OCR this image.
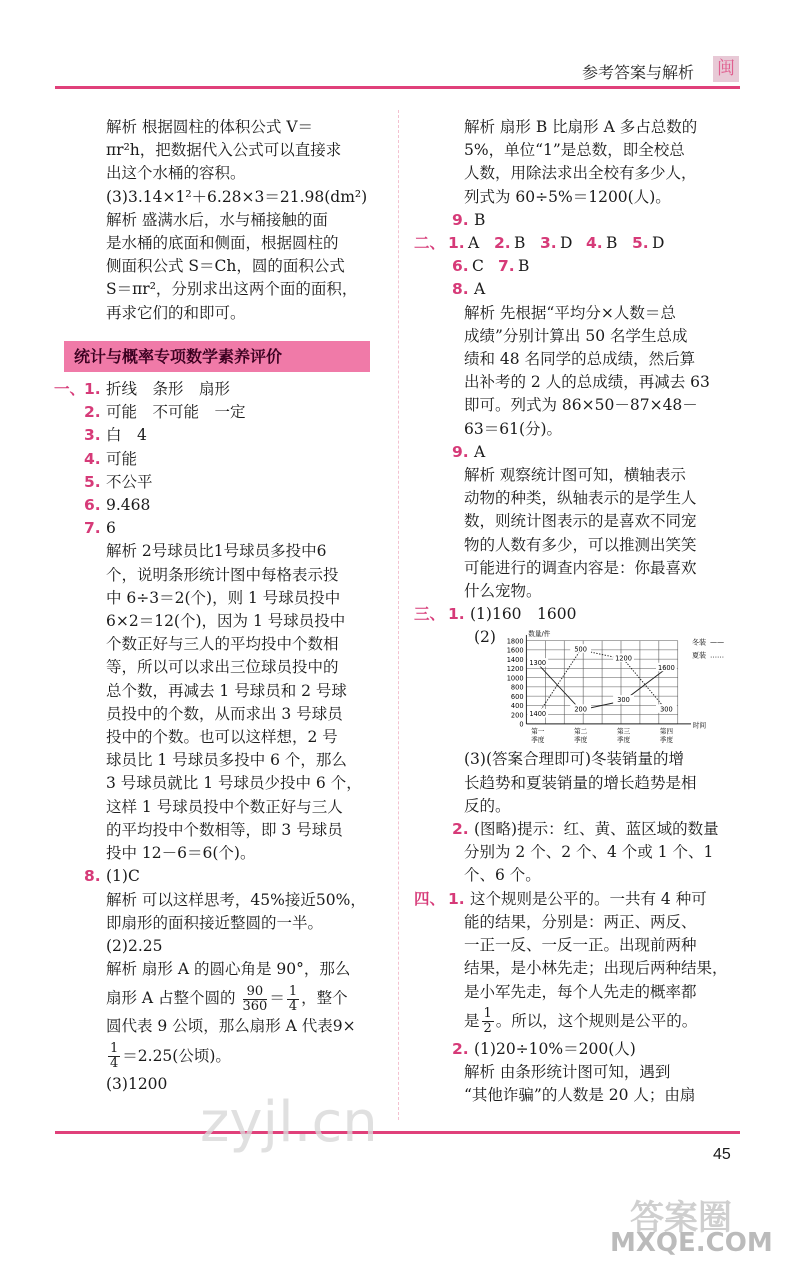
参考答案与解析 闽

解析 根据圆柱的体积公式 V＝

πr²h，把数据代入公式可以直接求

出这个水桶的容积。

(3)3.14×1²＋6.28×3＝21.98(dm²)

解析 盛满水后，水与桶接触的面

是水桶的底面和侧面，根据圆柱的

侧面积公式 S＝Ch，圆的面积公式

S＝πr²，分别求出这两个面的面积，

再求它们的和即可。

统计与概率专项数学素养评价
一、
1. 折线　条形　扇形
2. 可能　不可能　一定
3. 白　4
4. 可能
5. 不公平
6. 9.468
7. 6

解析 2号球员比1号球员多投中6

个，说明条形统计图中每格表示投

中 6÷3＝2(个)，则 1 号球员投中

6×2＝12(个)，因为 1 号球员投中

个数正好与三人的平均投中个数相

等，所以可以求出三位球员投中的

总个数，再减去 1 号球员和 2 号球

员投中的个数，从而求出 3 号球员

投中的个数。也可以这样想，2 号

球员比 1 号球员多投中 6 个，那么

3 号球员就比 1 号球员少投中 6 个，

这样 1 号球员投中个数正好与三人

的平均投中个数相等，即 3 号球员

投中 12－6＝6(个)。

8. (1)C

解析 可以这样思考，45%接近50%，

即扇形的面积接近整圆的一半。

(2)2.25

解析 扇形 A 的圆心角是 90°，那么

扇形 A 占整个圆的 $\frac{90}{360} = \frac{1}{4}$ ，整个

圆代表 9 公顷，那么扇形 A 代表9×

$\frac{1}{4} =2.25$(公顷)。

(3)1200

解析 扇形 B 比扇形 A 多占总数的

5%，单位“1”是总数，即全校总

人数，用除法求出全校有多少人，

列式为 60÷5%＝1200(人)。

9. B
二、 1. A 2. B 3. D 4. B 5. D
6. C 7. B
8. A

解析 先根据“平均分×人数＝总

成绩”分别计算出 50 名学生总成

绩和 48 名同学的总成绩，然后算

出补考的 2 人的总成绩，再减去 63

即可。列式为 86×50－87×48－

63＝61(分)。

9. A

解析 观察统计图可知，横轴表示

动物的种类，纵轴表示的是学生人

数，则统计图表示的是喜欢不同宠

物的人数有多少，可以推测出笑笑

可能进行的调查内容是：你最喜欢

什么宠物。

三、 1. (1)160　1600
(2)
0
200
400
600
800
1000
1200
1400
1600
1800
数量/件
时间
第一
季度
第二
季度
第三
季度
第四
季度
1300
200
300
1600
1400
500
1200
300
冬装 ——
夏装 ……

(3)(答案合理即可)冬装销量的增

长趋势和夏装销量的增长趋势是相

反的。

2. (图略)提示：红、黄、蓝区域的数量

分别为 2 个、2 个、4 个或 1 个、1

个、6 个。

四、 1. 这个规则是公平的。一共有 4 种可

能的结果，分别是：两正、两反、

一正一反、一反一正。出现前两种

结果，是小林先走；出现后两种结果，

是小军先走，每个人先走的概率都

是 $\frac{1}{2}$ 。所以，这个规则是公平的。

2. (1)20÷10%＝200(人)

解析 由条形统计图可知，遇到

“其他诈骗”的人数是 20 人；由扇

45
zyjl.cn
答案圈
MXQE.COM
